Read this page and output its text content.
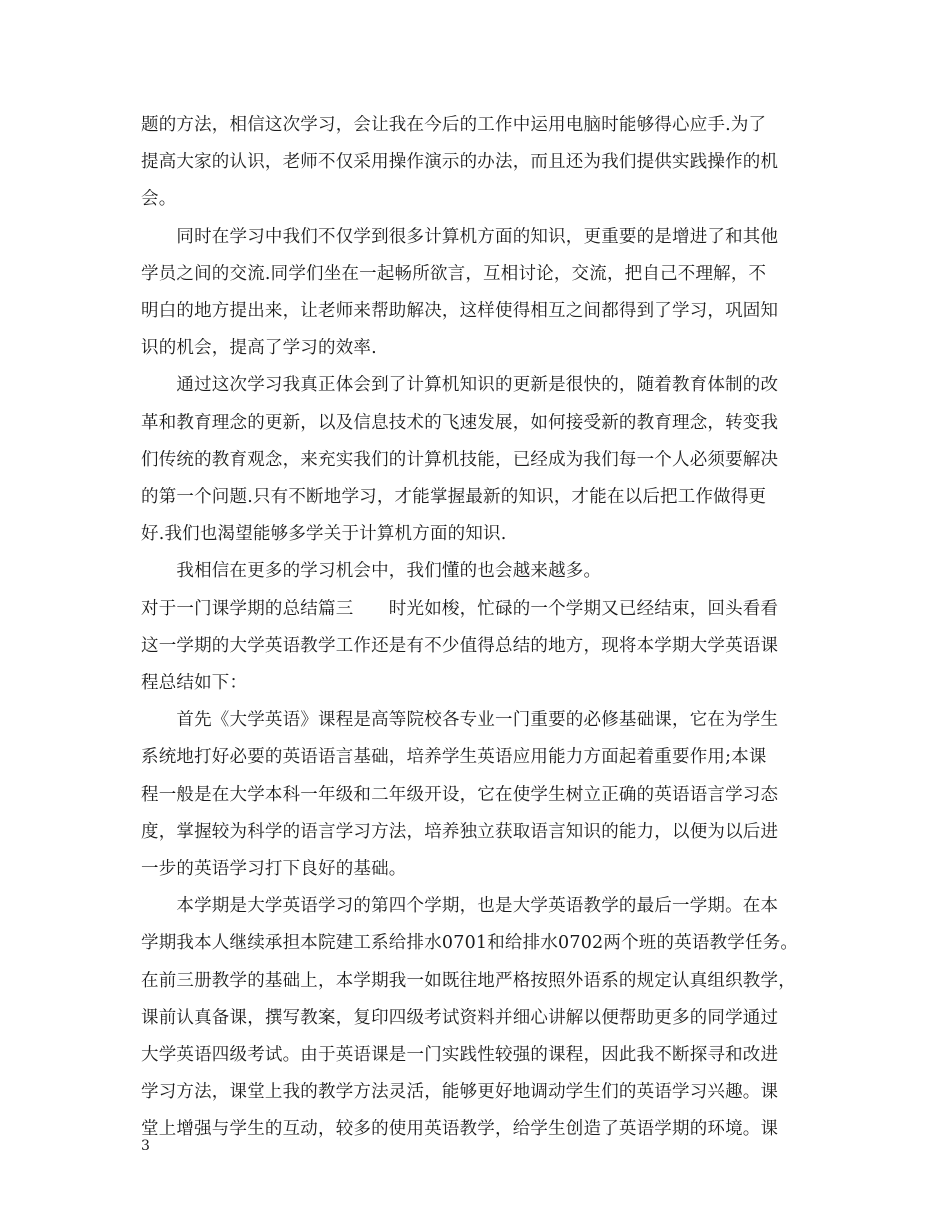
题的方法，相信这次学习，会让我在今后的工作中运用电脑时能够得心应手.为了
提高大家的认识，老师不仅采用操作演示的办法，而且还为我们提供实践操作的机
会。
　　同时在学习中我们不仅学到很多计算机方面的知识，更重要的是增进了和其他
学员之间的交流.同学们坐在一起畅所欲言，互相讨论，交流，把自己不理解，不
明白的地方提出来，让老师来帮助解决，这样使得相互之间都得到了学习，巩固知
识的机会，提高了学习的效率.
　　通过这次学习我真正体会到了计算机知识的更新是很快的，随着教育体制的改
革和教育理念的更新，以及信息技术的飞速发展，如何接受新的教育理念，转变我
们传统的教育观念，来充实我们的计算机技能，已经成为我们每一个人必须要解决
的第一个问题.只有不断地学习，才能掌握最新的知识，才能在以后把工作做得更
好.我们也渴望能够多学关于计算机方面的知识.
　　我相信在更多的学习机会中，我们懂的也会越来越多。
对于一门课学期的总结篇三　　时光如梭，忙碌的一个学期又已经结束，回头看看
这一学期的大学英语教学工作还是有不少值得总结的地方，现将本学期大学英语课
程总结如下：
　　首先《大学英语》课程是高等院校各专业一门重要的必修基础课，它在为学生
系统地打好必要的英语语言基础，培养学生英语应用能力方面起着重要作用;本课
程一般是在大学本科一年级和二年级开设，它在使学生树立正确的英语语言学习态
度，掌握较为科学的语言学习方法，培养独立获取语言知识的能力，以便为以后进
一步的英语学习打下良好的基础。
　　本学期是大学英语学习的第四个学期，也是大学英语教学的最后一学期。在本
学期我本人继续承担本院建工系给排水0701和给排水0702两个班的英语教学任务。
在前三册教学的基础上，本学期我一如既往地严格按照外语系的规定认真组织教学，
课前认真备课，撰写教案，复印四级考试资料并细心讲解以便帮助更多的同学通过
大学英语四级考试。由于英语课是一门实践性较强的课程，因此我不断探寻和改进
学习方法，课堂上我的教学方法灵活，能够更好地调动学生们的英语学习兴趣。课
堂上增强与学生的互动，较多的使用英语教学，给学生创造了英语学期的环境。课
3
